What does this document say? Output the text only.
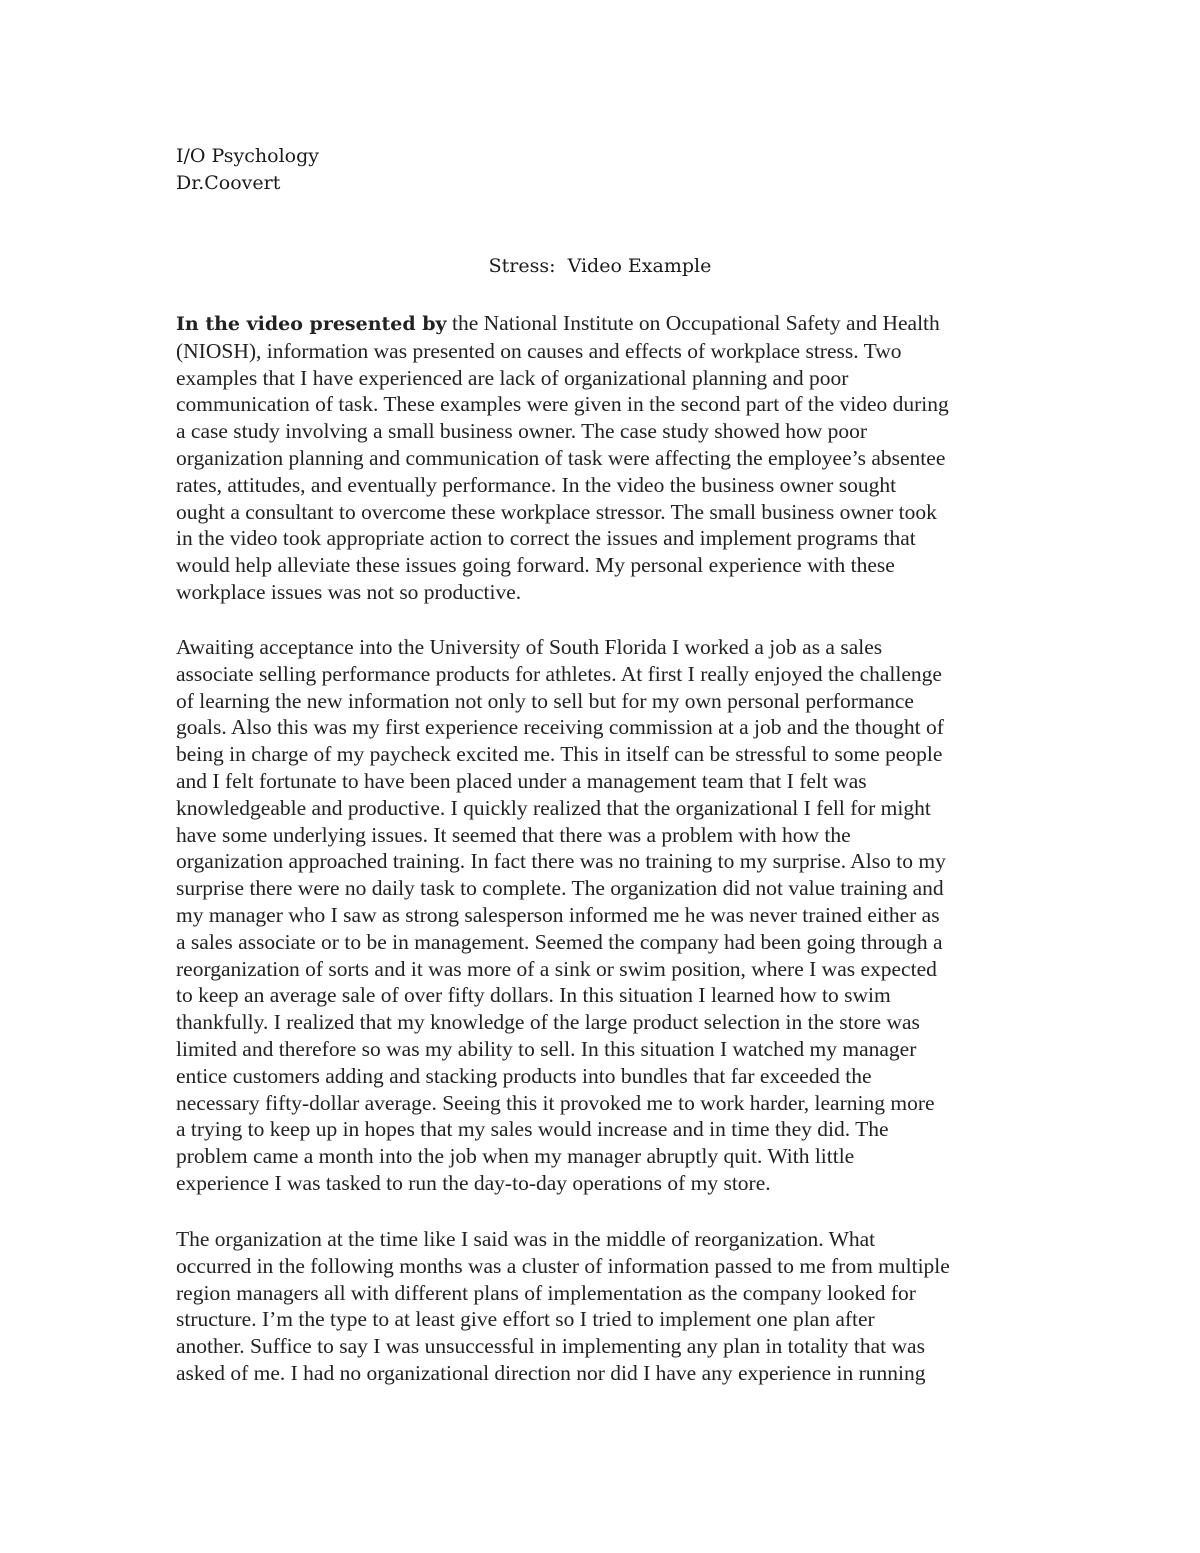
I/O Psychology
Dr.Coovert
Stress:  Video Example
In the video presented by the National Institute on Occupational Safety and Health
(NIOSH), information was presented on causes and effects of workplace stress. Two
examples that I have experienced are lack of organizational planning and poor
communication of task. These examples were given in the second part of the video during
a case study involving a small business owner. The case study showed how poor
organization planning and communication of task were affecting the employee’s absentee
rates, attitudes, and eventually performance. In the video the business owner sought
ought a consultant to overcome these workplace stressor. The small business owner took
in the video took appropriate action to correct the issues and implement programs that
would help alleviate these issues going forward. My personal experience with these
workplace issues was not so productive.
Awaiting acceptance into the University of South Florida I worked a job as a sales
associate selling performance products for athletes. At first I really enjoyed the challenge
of learning the new information not only to sell but for my own personal performance
goals. Also this was my first experience receiving commission at a job and the thought of
being in charge of my paycheck excited me. This in itself can be stressful to some people
and I felt fortunate to have been placed under a management team that I felt was
knowledgeable and productive. I quickly realized that the organizational I fell for might
have some underlying issues. It seemed that there was a problem with how the
organization approached training. In fact there was no training to my surprise. Also to my
surprise there were no daily task to complete. The organization did not value training and
my manager who I saw as strong salesperson informed me he was never trained either as
a sales associate or to be in management. Seemed the company had been going through a
reorganization of sorts and it was more of a sink or swim position, where I was expected
to keep an average sale of over fifty dollars. In this situation I learned how to swim
thankfully. I realized that my knowledge of the large product selection in the store was
limited and therefore so was my ability to sell. In this situation I watched my manager
entice customers adding and stacking products into bundles that far exceeded the
necessary fifty-dollar average. Seeing this it provoked me to work harder, learning more
a trying to keep up in hopes that my sales would increase and in time they did. The
problem came a month into the job when my manager abruptly quit. With little
experience I was tasked to run the day-to-day operations of my store.
The organization at the time like I said was in the middle of reorganization. What
occurred in the following months was a cluster of information passed to me from multiple
region managers all with different plans of implementation as the company looked for
structure. I’m the type to at least give effort so I tried to implement one plan after
another. Suffice to say I was unsuccessful in implementing any plan in totality that was
asked of me. I had no organizational direction nor did I have any experience in running
